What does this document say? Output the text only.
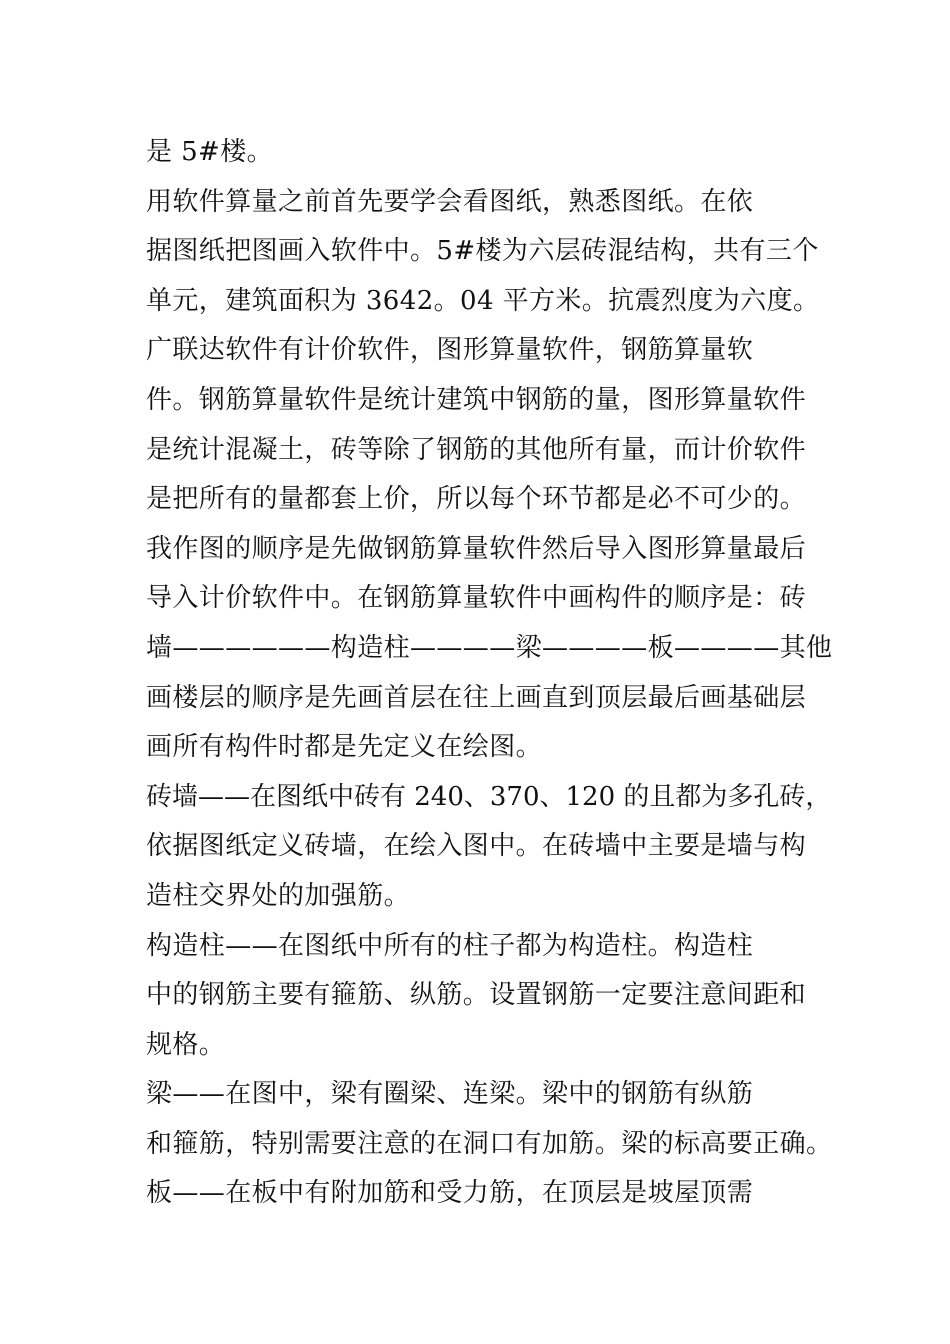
是 5#楼。
用软件算量之前首先要学会看图纸，熟悉图纸。在依
据图纸把图画入软件中。5#楼为六层砖混结构，共有三个
单元，建筑面积为 3642。04 平方米。抗震烈度为六度。
广联达软件有计价软件，图形算量软件，钢筋算量软
件。钢筋算量软件是统计建筑中钢筋的量，图形算量软件
是统计混凝土，砖等除了钢筋的其他所有量，而计价软件
是把所有的量都套上价，所以每个环节都是必不可少的。
我作图的顺序是先做钢筋算量软件然后导入图形算量最后
导入计价软件中。在钢筋算量软件中画构件的顺序是：砖
墙——————构造柱————梁————板————其他
画楼层的顺序是先画首层在往上画直到顶层最后画基础层
画所有构件时都是先定义在绘图。
砖墙——在图纸中砖有 240、370、120 的且都为多孔砖，
依据图纸定义砖墙，在绘入图中。在砖墙中主要是墙与构
造柱交界处的加强筋。
构造柱——在图纸中所有的柱子都为构造柱。构造柱
中的钢筋主要有箍筋、纵筋。设置钢筋一定要注意间距和
规格。
梁——在图中，梁有圈梁、连梁。梁中的钢筋有纵筋
和箍筋，特别需要注意的在洞口有加筋。梁的标高要正确。
板——在板中有附加筋和受力筋，在顶层是坡屋顶需
